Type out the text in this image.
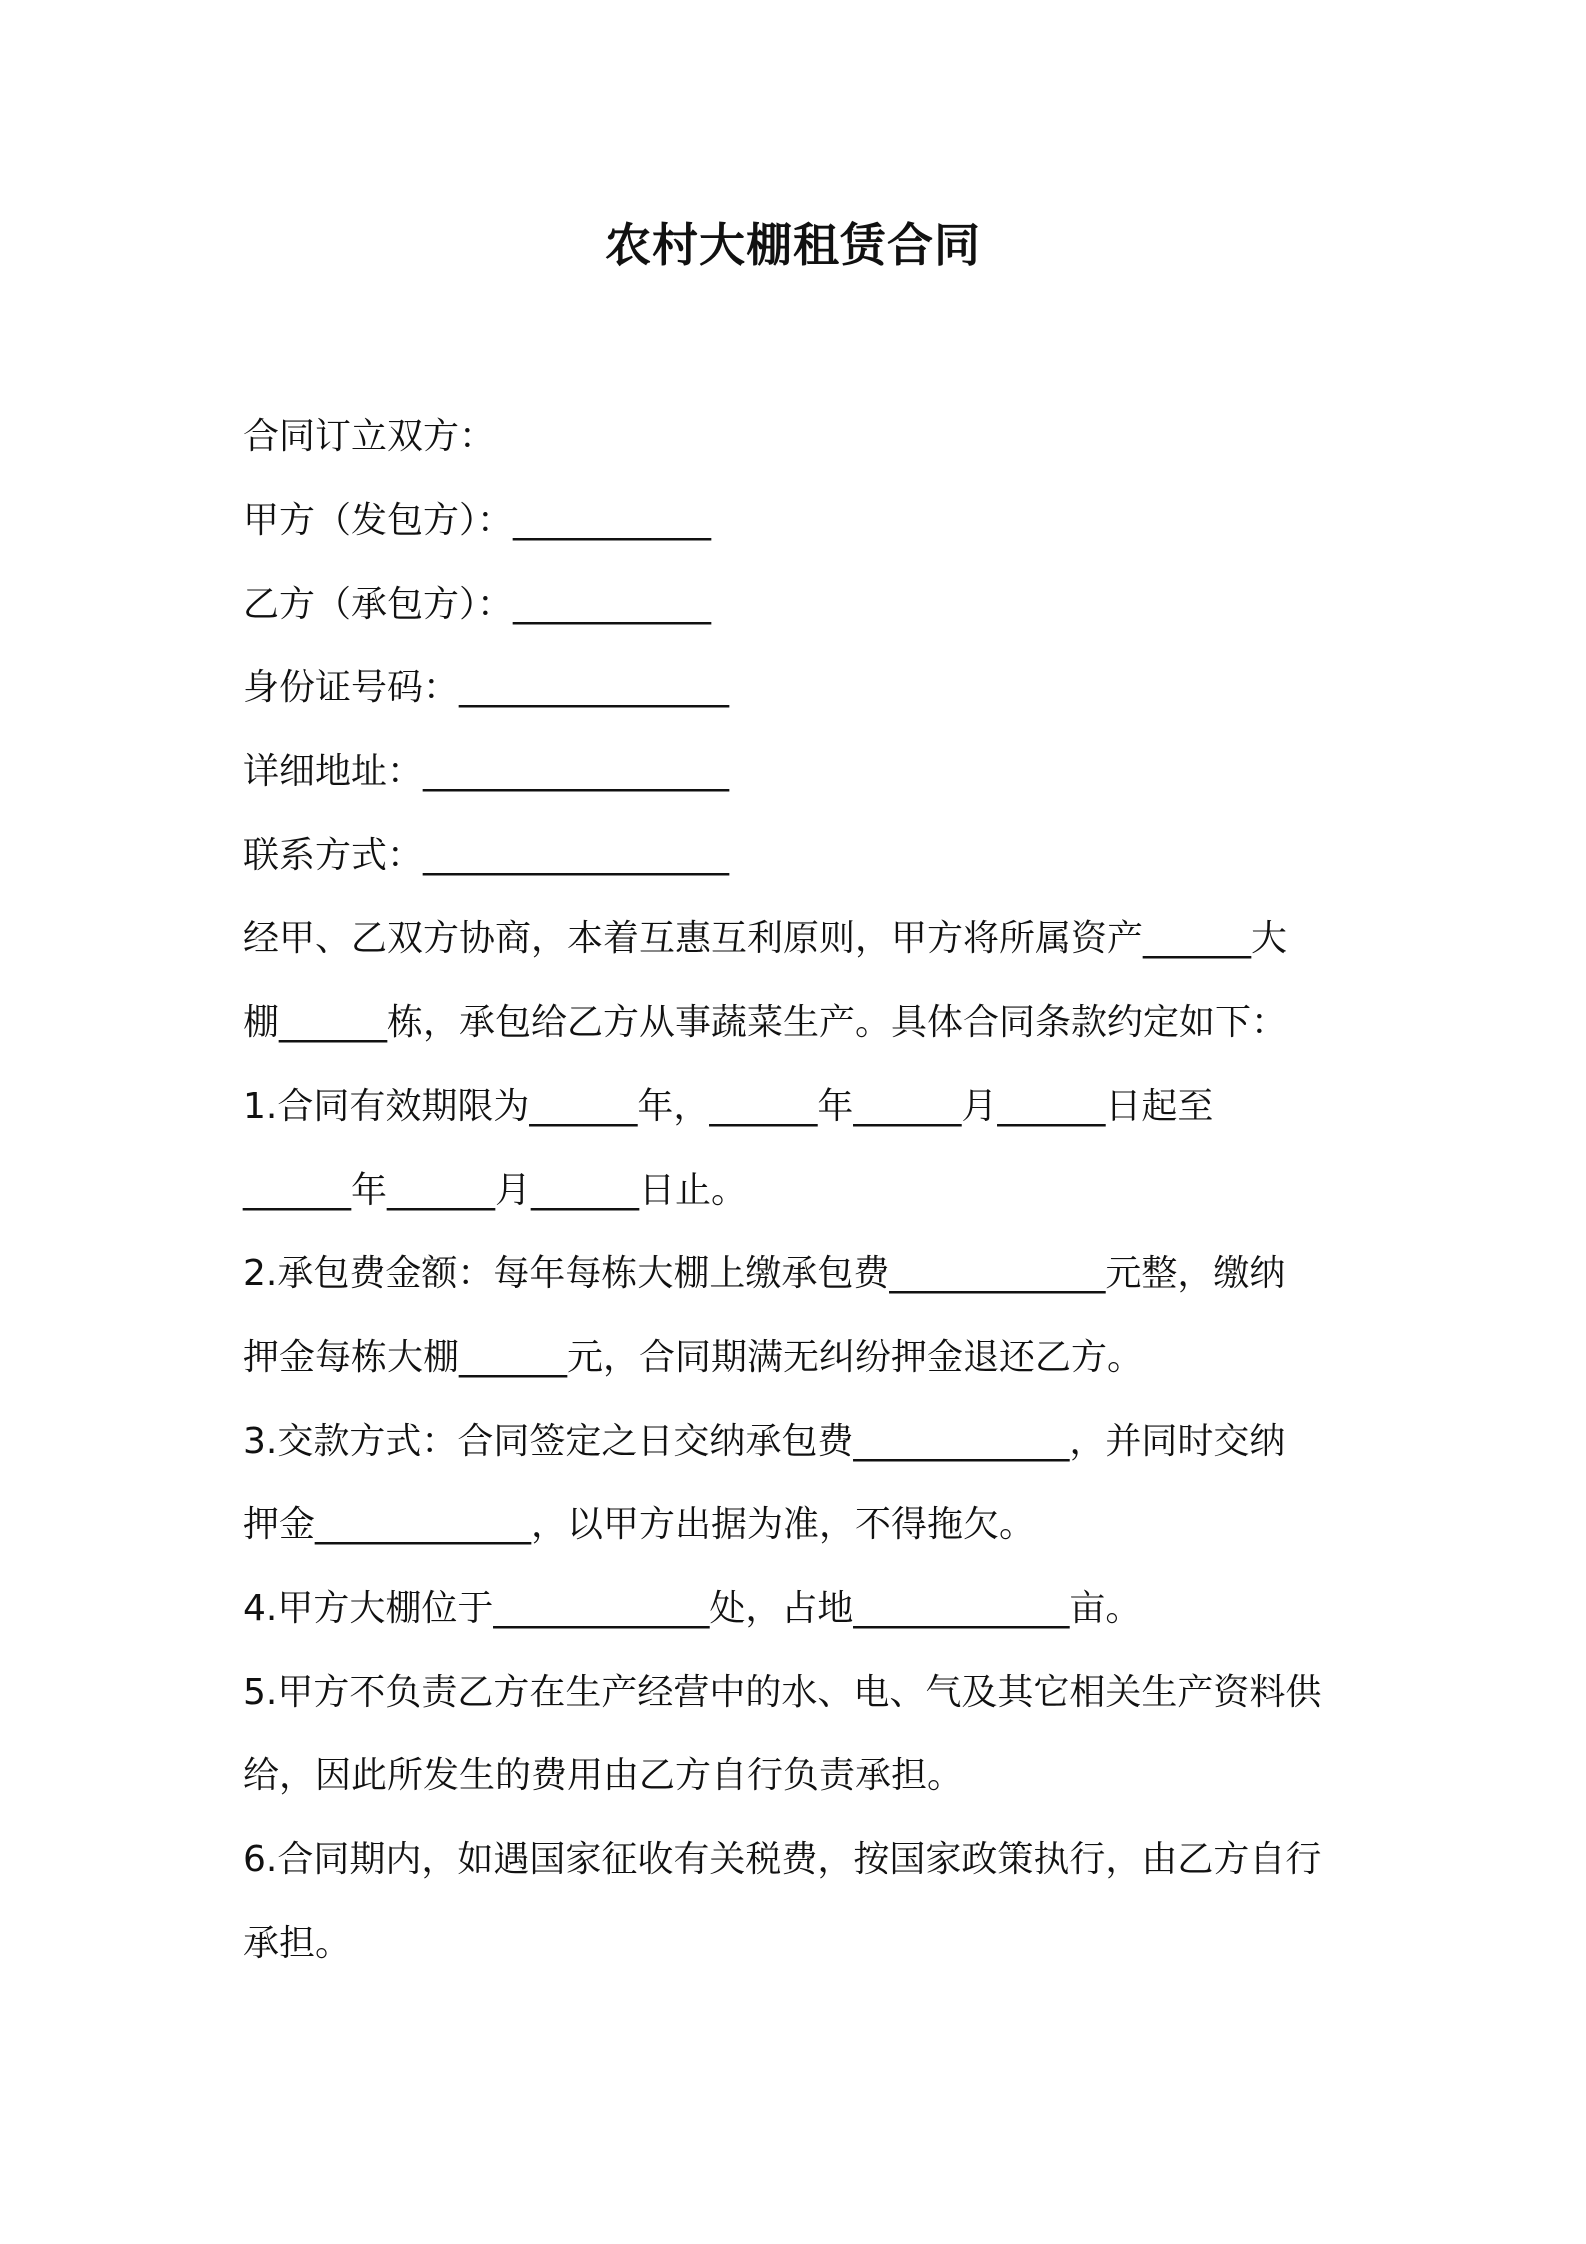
农村大棚租赁合同
合同订立双方：
甲方（发包方）：___________
乙方（承包方）：___________
身份证号码：_______________
详细地址：_________________
联系方式：_________________
经甲、乙双方协商，本着互惠互利原则，甲方将所属资产______大
棚______栋，承包给乙方从事蔬菜生产。具体合同条款约定如下：
1.合同有效期限为______年，______年______月______日起至
______年______月______日止。
2.承包费金额：每年每栋大棚上缴承包费____________元整，缴纳
押金每栋大棚______元，合同期满无纠纷押金退还乙方。
3.交款方式：合同签定之日交纳承包费____________，并同时交纳
押金____________，以甲方出据为准，不得拖欠。
4.甲方大棚位于____________处，占地____________亩。
5.甲方不负责乙方在生产经营中的水、电、气及其它相关生产资料供
给，因此所发生的费用由乙方自行负责承担。
6.合同期内，如遇国家征收有关税费，按国家政策执行，由乙方自行
承担。
